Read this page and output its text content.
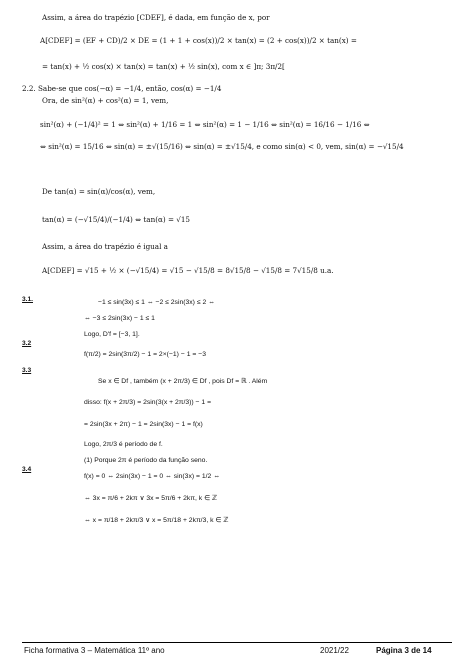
Assim, a área do trapézio [CDEF], é dada, em função de x, por
A[CDEF] = (EF + CD)/2 × DE = (1 + 1 + cos(x))/2 × tan(x) = (2 + cos(x))/2 × tan(x) =
= tan(x) + ½ cos(x) × tan(x) = tan(x) + ½ sin(x), com x ∈ ]π; 3π/2[
2.2. Sabe-se que cos(−α) = −1/4, então, cos(α) = −1/4
Ora, de sin²(α) + cos²(α) = 1, vem,
sin²(α) + (−1/4)² = 1 ⇔ sin²(α) + 1/16 = 1 ⇔ sin²(α) = 1 − 1/16 ⇔ sin²(α) = 16/16 − 1/16 ⇔
⇔ sin²(α) = 15/16 ⇔ sin(α) = ±√(15/16) ⇔ sin(α) = ±√15/4, e como sin(α) < 0, vem, sin(α) = −√15/4
De tan(α) = sin(α)/cos(α), vem,
tan(α) = (−√15/4)/(−1/4) ⇔ tan(α) = √15
Assim, a área do trapézio é igual a
A[CDEF] = √15 + ½ × (−√15/4) = √15 − √15/8 = 8√15/8 − √15/8 = 7√15/8 u.a.
3.1.	−1 ≤ sin(3x) ≤ 1 ⇔ −2 ≤ 2sin(3x) ≤ 2 ⇔
⇔ −3 ≤ 2sin(3x) − 1 ≤ 1
Logo, D'f = [−3, 1].
3.2
f(π/2) = 2sin(3π/2) − 1 = 2×(−1) − 1 = −3
3.3
Se x ∈ Df , também (x + 2π/3) ∈ Df , pois Df = ℝ . Além
disso: f(x + 2π/3) = 2sin(3(x + 2π/3)) − 1 =
= 2sin(3x + 2π) − 1 = 2sin(3x) − 1 = f(x)
Logo, 2π/3 é período de f.
(1) Porque 2π é período da função seno.
3.4
f(x) = 0 ⇔ 2sin(3x) − 1 = 0 ⇔ sin(3x) = 1/2 ⇔
⇔ 3x = π/6 + 2kπ ∨ 3x = 5π/6 + 2kπ, k ∈ ℤ
⇔ x = π/18 + 2kπ/3 ∨ x = 5π/18 + 2kπ/3, k ∈ ℤ
Ficha formativa 3 – Matemática 11º ano	2021/22	Página 3 de 14
